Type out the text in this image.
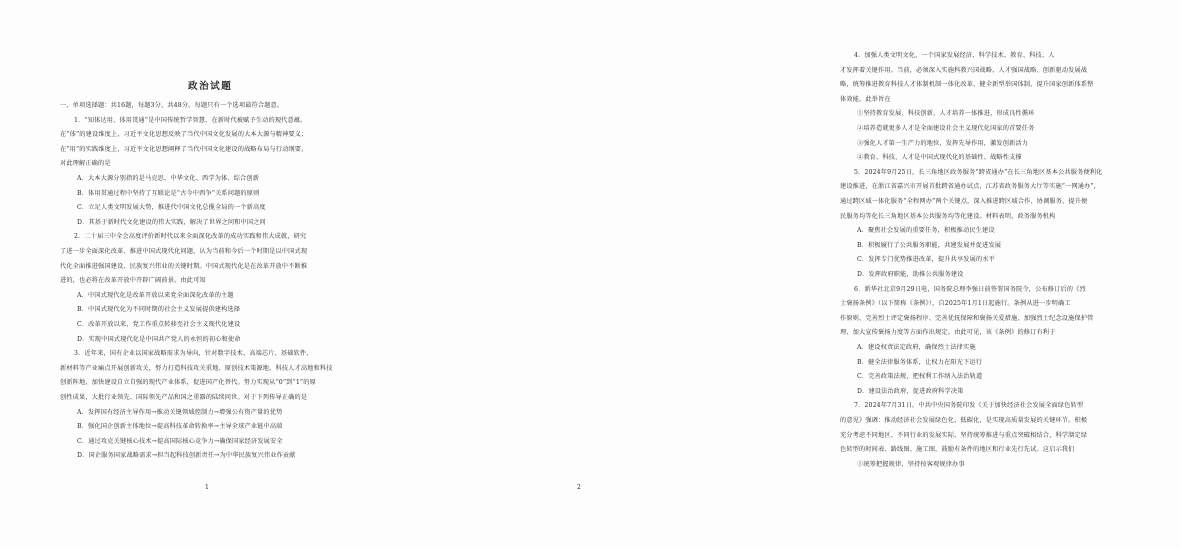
政治试题
一、单项选择题：共16题，每题3分，共48分。每题只有一个选项最符合题意。
1．“知体达用、体用贯通”是中国传统哲学智慧，在新时代被赋予生动的现代意蕴。
在“体”的建设维度上，习近平文化思想反映了当代中国文化发展的大本大源与精神要义；
在“用”的实践维度上，习近平文化思想阐释了当代中国文化建设的战略布局与行动纲要。
对此理解正确的是
A．大本大源分别指的是马克思、中华文化、西学为体、综合创新
B．体用贯通过程中坚持了互联论是“古今中西争”关系问题的原则
C．立足人类文明发展大势，推进代中国文化总揽全局的一个新高度
D．其基于新时代文化建设的伟大实践，解决了世界之问和中国之问
2．二十届三中全会高度评价新时代以来全面深化改革的成功实践和伟大成就，研究
了进一步全面深化改革、推进中国式现代化问题，认为当前和今后一个时期是以中国式现
代化全面推进强国建设、民族复兴伟业的关键时期。中国式现代化是在改革开放中不断推
进的，也必将在改革开放中开辟广阔前景。由此可知
A．中国式现代化是改革开放以来党全面深化改革的主题
B．中国式现代化为不同时期的社会主义发展提供建构选择
C．改革开放以来，党工作重点转移至社会主义现代化建设
D．实现中国式现代化是中国共产党人的永恒的初心和使命
3．近年来，国有企业以国家战略需求为导向，针对数字技术、高端芯片、基础软件、
新材料等产业痛点开展创新攻关，努力打造科技攻关重地、原创技术策源地、科技人才高地和科技
创新阵地，加快建设自立自强的现代产业体系，促进国产化替代。努力实现从“0”到“1”的原
创性成果，大批行业领先、国际领先产品和国之重器的陆续问世。对于下列传导正确的是
A．发挥国有经济主导作用→推动关键领域控制力→增强公有资产量的优势
B．强化国企创新主体地位→提高科技革命转换率→主导全球产业链中高端
C．通过攻克关键核心技术→提高国际核心竞争力→确保国家经济发展安全
D．国企服务国家战略需求→担当起科技创新责任→为中华民族复兴伟业作贡献
1
4．加强人类文明文化，一个国家发展经济、科学技术、教育、科技、人
才发挥着关键作用。当前，必须深入实施科教兴国战略、人才强国战略、创新驱动发展战
略，统筹推进教育科技人才体制机制一体化改革，健全新型举国体制，提升国家创新体系整
体效能。此举旨在
①坚持教育发展、科技创新、人才培养一体推进，形成良性循环
②培养造就更多人才是全面建设社会主义现代化国家的首要任务
③强化人才第一生产力的地位，发挥先导作用，激发创新活力
④教育、科技、人才是中国式现代化的基础性、战略性支撑
5．2024年9月25日，长三角地区政务服务“跨省通办”在长三角地区基本公共服务便利化
建设推进，在浙江省嘉兴市开展首批跨省通办试点，江苏省政务服务大厅等实施“一网通办”，
通过跨区域一体化服务“全程网办”两个关键点，深入推进跨区域合作、协调服务，提升便
民服务均等化长三角地区基本公共服务均等化建设。材料表明，政务服务机构
A．聚焦社会发展的重要任务，积极推动民生建设
B．积极履行了公共服务职能，共建发展并促进发展
C．发挥专门优势推进改革，提升共享发展的水平
D．发挥政府职能，助推公共服务建设
6．新华社北京9月29日电，国务院总理李强日前签署国务院令，公布修订后的《烈
士褒扬条例》（以下简称《条例》），自2025年1月1日起施行。条例从进一步明确工
作原则、完善烈士评定褒扬程序、完善优抚保障和褒扬关爱措施、加强烈士纪念设施保护管
理、加大宣传褒扬力度等方面作出规定。由此可见，该《条例》的修订有利于
A．建设权责法定政府，确保烈士法律实施
B．健全法律服务体系，让权力在阳光下运行
C．完善政策法规，把权利工作纳入法治轨道
D．建设法治政府，促进政府科学决策
7．2024年7月31日，中共中央国务院印发《关于加快经济社会发展全面绿色转型
的意见》强调：推动经济社会发展绿色化、低碳化，是实现高质量发展的关键环节。积极
充分考虑不同地区、不同行业的发展实际，坚持统筹推进与重点突破相结合，科学制定绿
色转型的时间表、路线图、施工图，鼓励有条件的地区和行业先行先试。这启示我们
①统筹把握规律，坚持按客观规律办事
2
